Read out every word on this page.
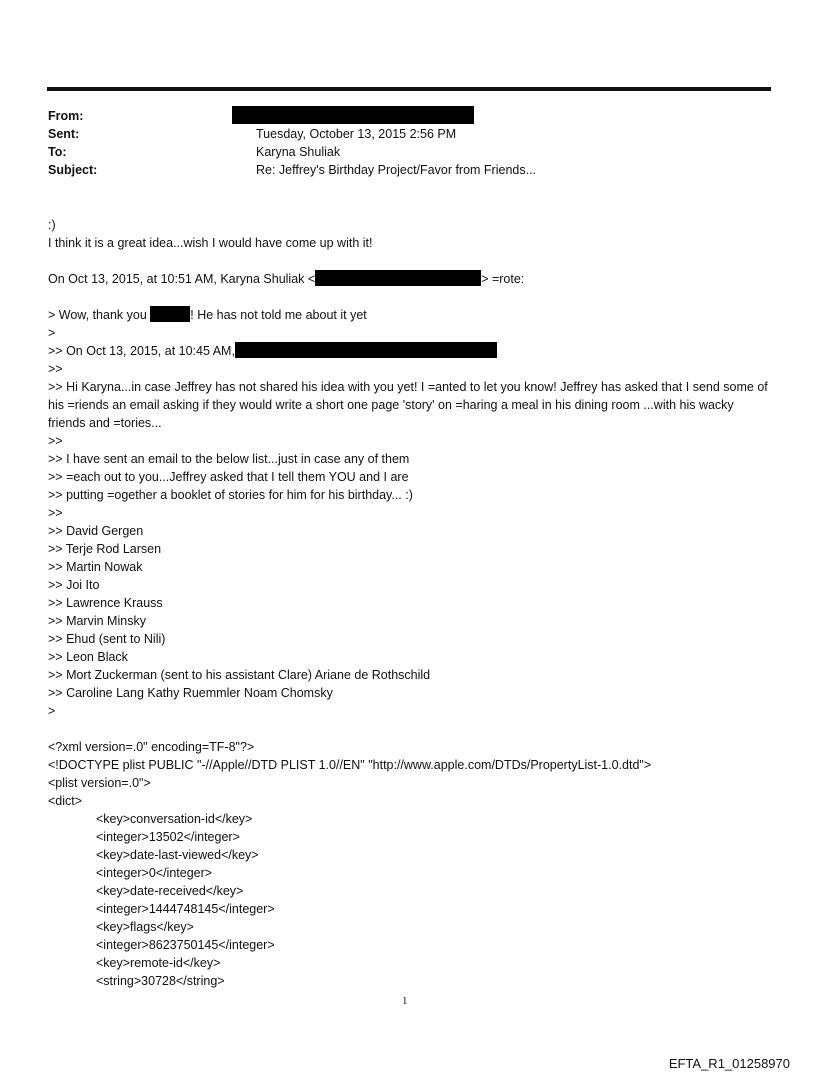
From:
Sent:	Tuesday, October 13, 2015 2:56 PM
To:	Karyna Shuliak
Subject:	Re: Jeffrey's Birthday Project/Favor from Friends...
:)
I think it is a great idea...wish I would have come up with it!
On Oct 13, 2015, at 10:51 AM, Karyna Shuliak <	> =rote:
> Wow, thank you	! He has not told me about it yet
>
>> On Oct 13, 2015, at 10:45 AM,
>>
>> Hi Karyna...in case Jeffrey has not shared his idea with you yet! I =anted to let you know! Jeffrey has asked that I send some of his =riends an email asking if they would write a short one page 'story' on =haring a meal in his dining room ...with his wacky friends and =tories...
>>
>> I have sent an email to the below list...just in case any of them
>> =each out to you...Jeffrey asked that I tell them YOU and I are
>> putting =ogether a booklet of stories for him for his birthday... :)
>>
>> David Gergen
>> Terje Rod Larsen
>> Martin Nowak
>> Joi Ito
>> Lawrence Krauss
>> Marvin Minsky
>> Ehud (sent to Nili)
>> Leon Black
>> Mort Zuckerman (sent to his assistant Clare) Ariane de Rothschild
>> Caroline Lang Kathy Ruemmler Noam Chomsky
>
<?xml version=.0" encoding=TF-8"?>
<!DOCTYPE plist PUBLIC "-//Apple//DTD PLIST 1.0//EN" "http://www.apple.com/DTDs/PropertyList-1.0.dtd">
<plist version=.0">
<dict>
<key>conversation-id</key>
<integer>13502</integer>
<key>date-last-viewed</key>
<integer>0</integer>
<key>date-received</key>
<integer>1444748145</integer>
<key>flags</key>
<integer>8623750145</integer>
<key>remote-id</key>
<string>30728</string>
1
EFTA_R1_01258970
